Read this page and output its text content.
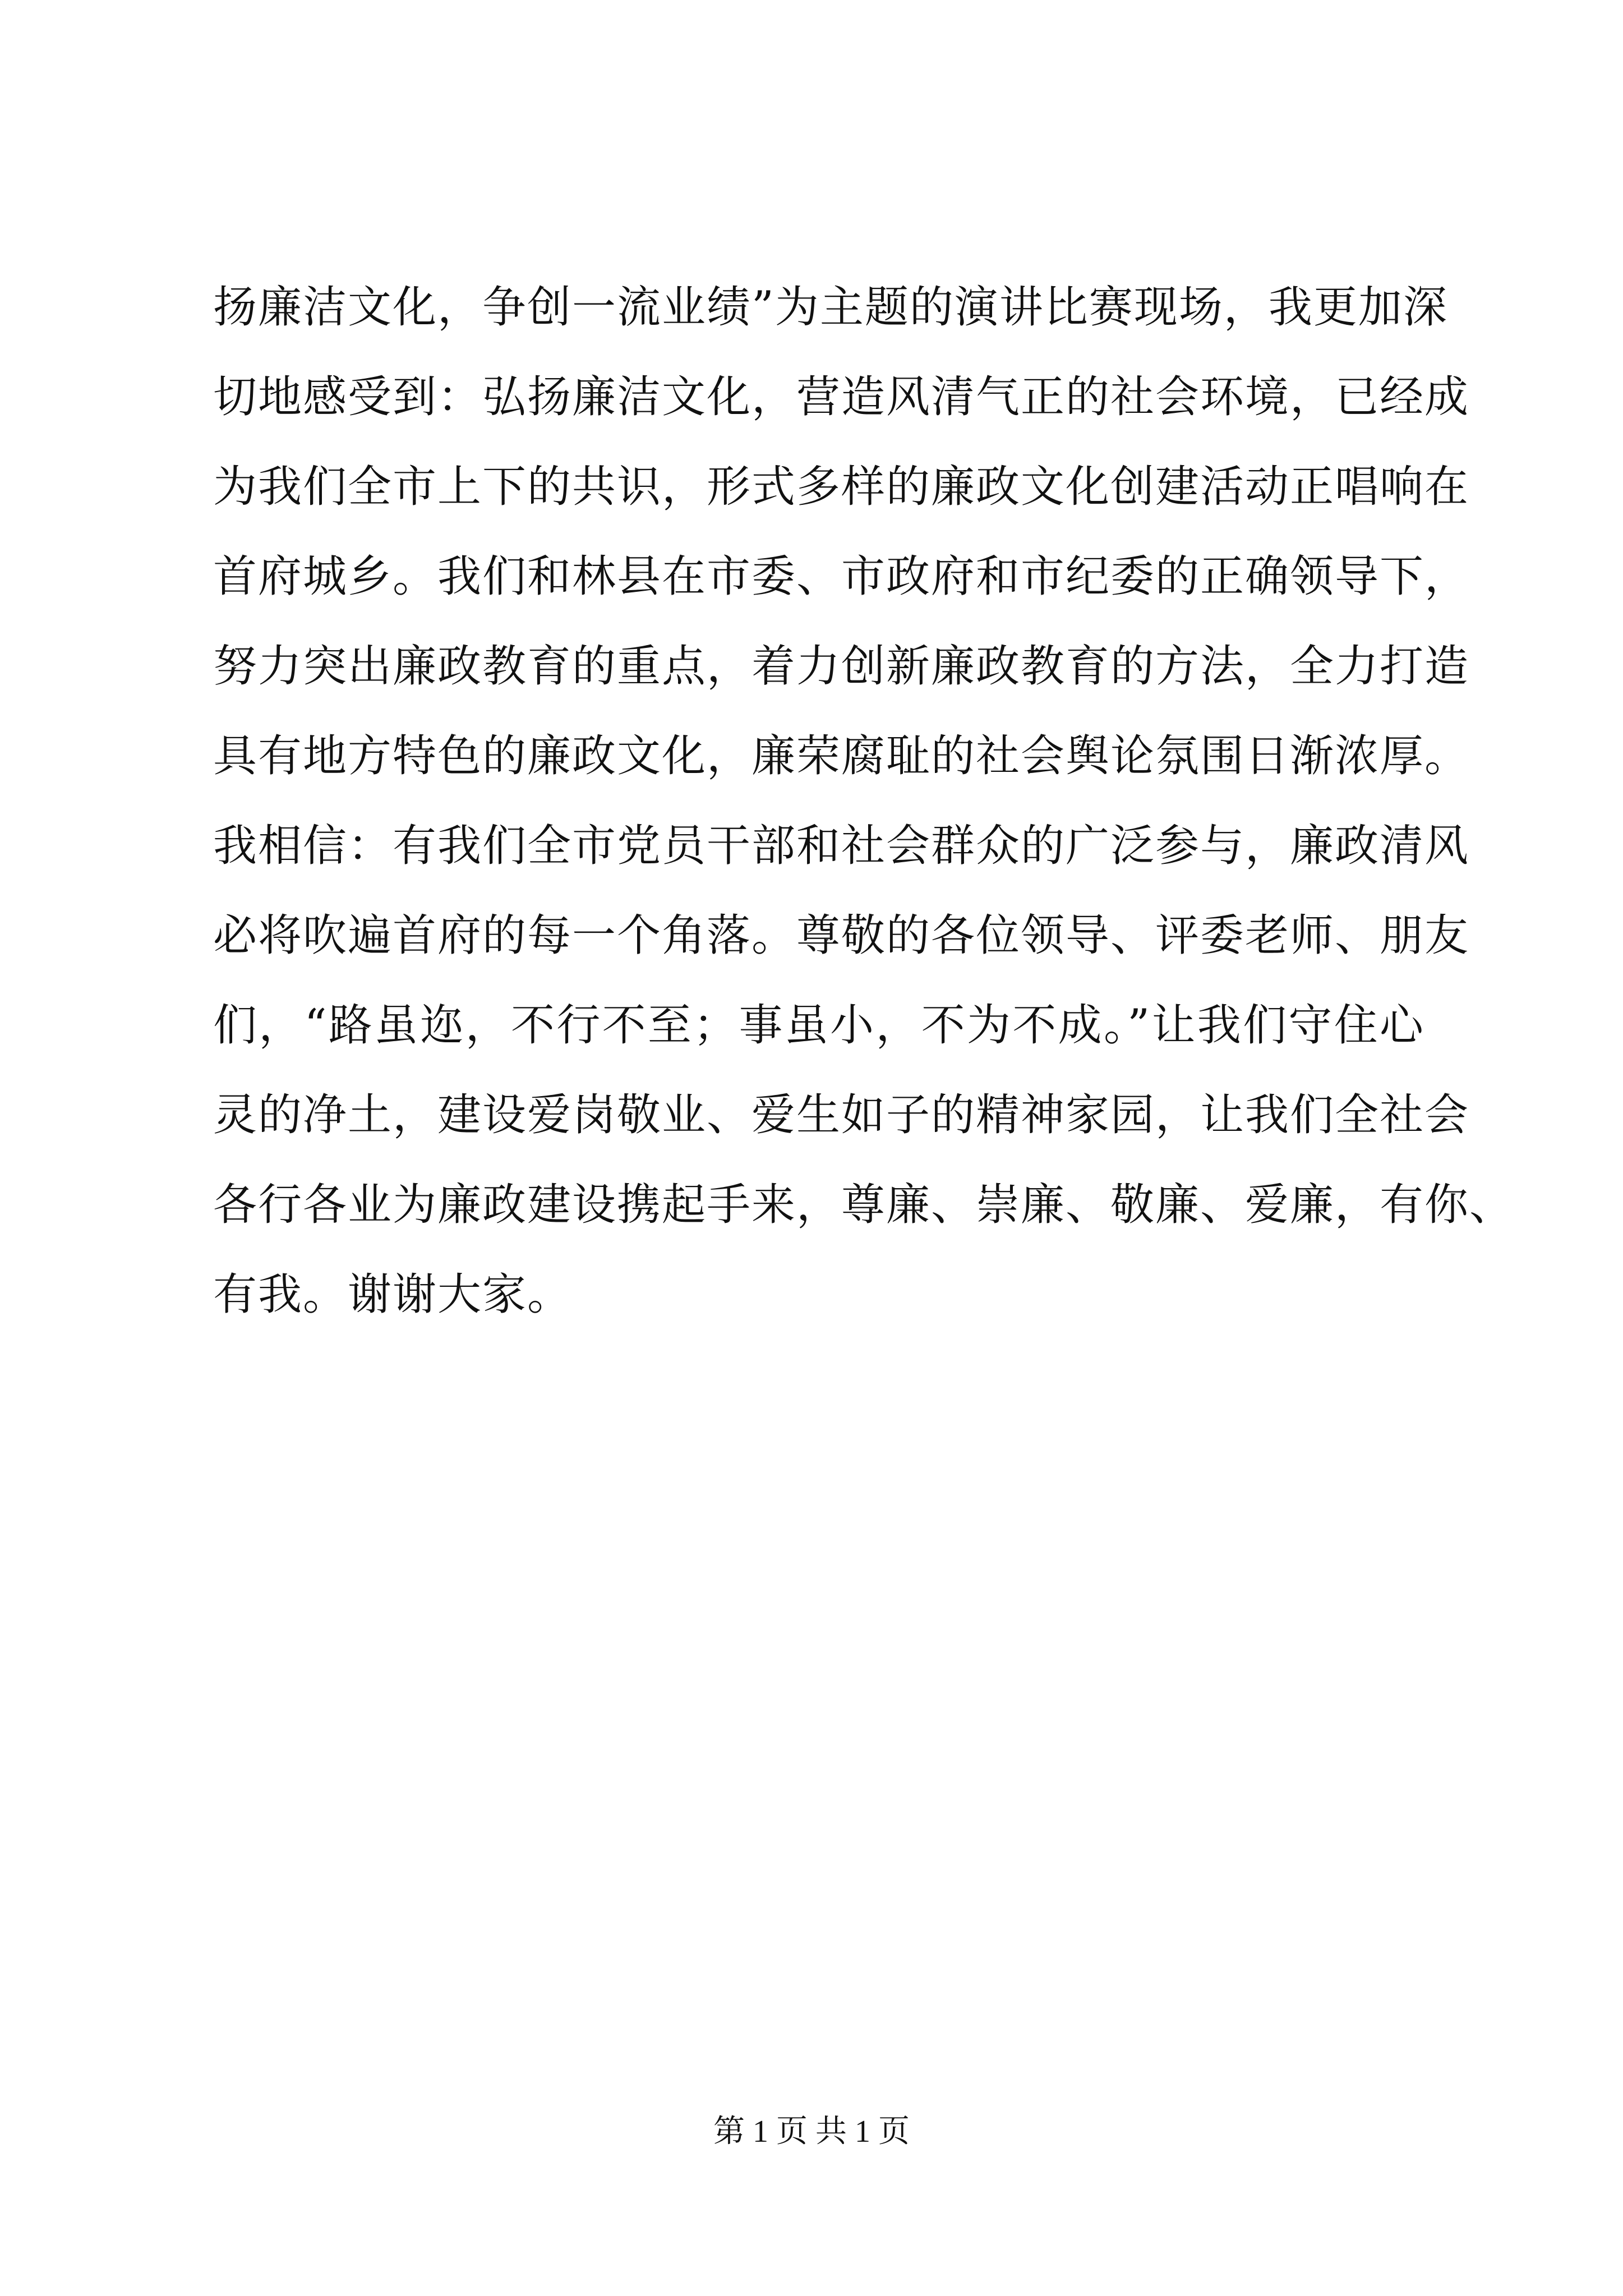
扬廉洁文化，争创一流业绩”为主题的演讲比赛现场，我更加深
切地感受到：弘扬廉洁文化，营造风清气正的社会环境，已经成
为我们全市上下的共识，形式多样的廉政文化创建活动正唱响在
首府城乡。我们和林县在市委、市政府和市纪委的正确领导下，
努力突出廉政教育的重点，着力创新廉政教育的方法，全力打造
具有地方特色的廉政文化，廉荣腐耻的社会舆论氛围日渐浓厚。
我相信：有我们全市党员干部和社会群众的广泛参与，廉政清风
必将吹遍首府的每一个角落。尊敬的各位领导、评委老师、朋友
们，“路虽迩，不行不至；事虽小，不为不成。”让我们守住心
灵的净土，建设爱岗敬业、爱生如子的精神家园，让我们全社会
各行各业为廉政建设携起手来，尊廉、崇廉、敬廉、爱廉，有你、
有我。谢谢大家。
第 1 页 共 1 页
